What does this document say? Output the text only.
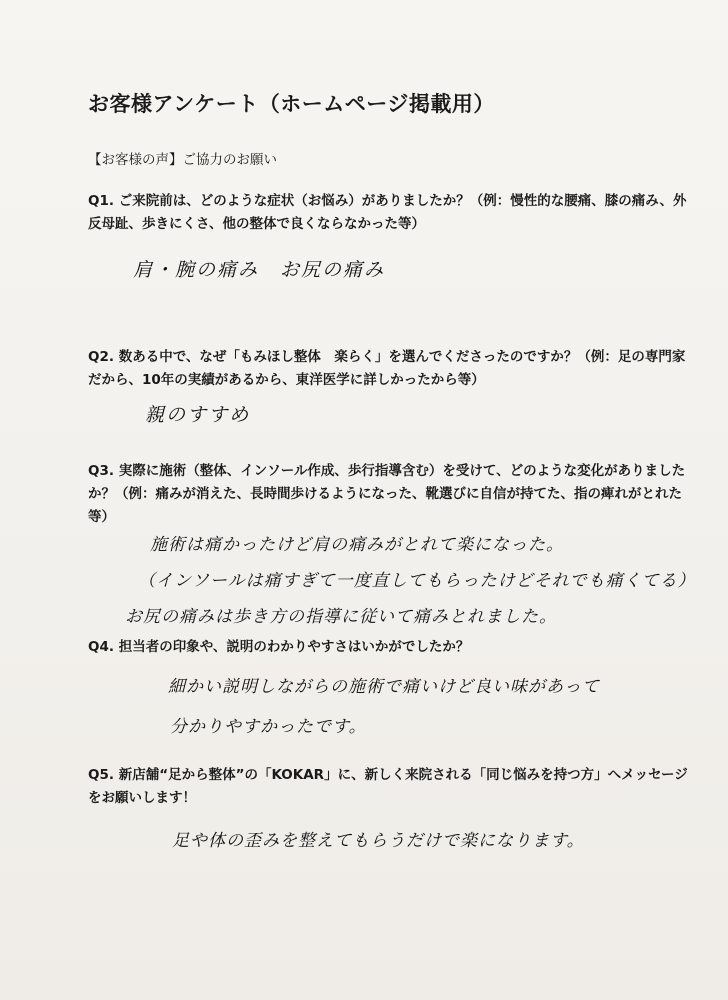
お客様アンケート（ホームページ掲載用）
【お客様の声】ご協力のお願い
Q1. ご来院前は、どのような症状（お悩み）がありましたか？（例：慢性的な腰痛、膝の痛み、外反母趾、歩きにくさ、他の整体で良くならなかった等）
肩・腕の痛み　お尻の痛み
Q2. 数ある中で、なぜ「もみほし整体　楽らく」を選んでくださったのですか？（例：足の専門家だから、10年の実績があるから、東洋医学に詳しかったから等）
親のすすめ
Q3. 実際に施術（整体、インソール作成、歩行指導含む）を受けて、どのような変化がありましたか？（例：痛みが消えた、長時間歩けるようになった、靴選びに自信が持てた、指の痺れがとれた等）
施術は痛かったけど肩の痛みがとれて楽になった。
（インソールは痛すぎて一度直してもらったけどそれでも痛くてる）
お尻の痛みは歩き方の指導に従いて痛みとれました。
Q4. 担当者の印象や、説明のわかりやすさはいかがでしたか？
細かい説明しながらの施術で痛いけど良い味があって
分かりやすかったです。
Q5. 新店舗“足から整体”の「KOKAR」に、新しく来院される「同じ悩みを持つ方」へメッセージをお願いします！
足や体の歪みを整えてもらうだけで楽になります。
